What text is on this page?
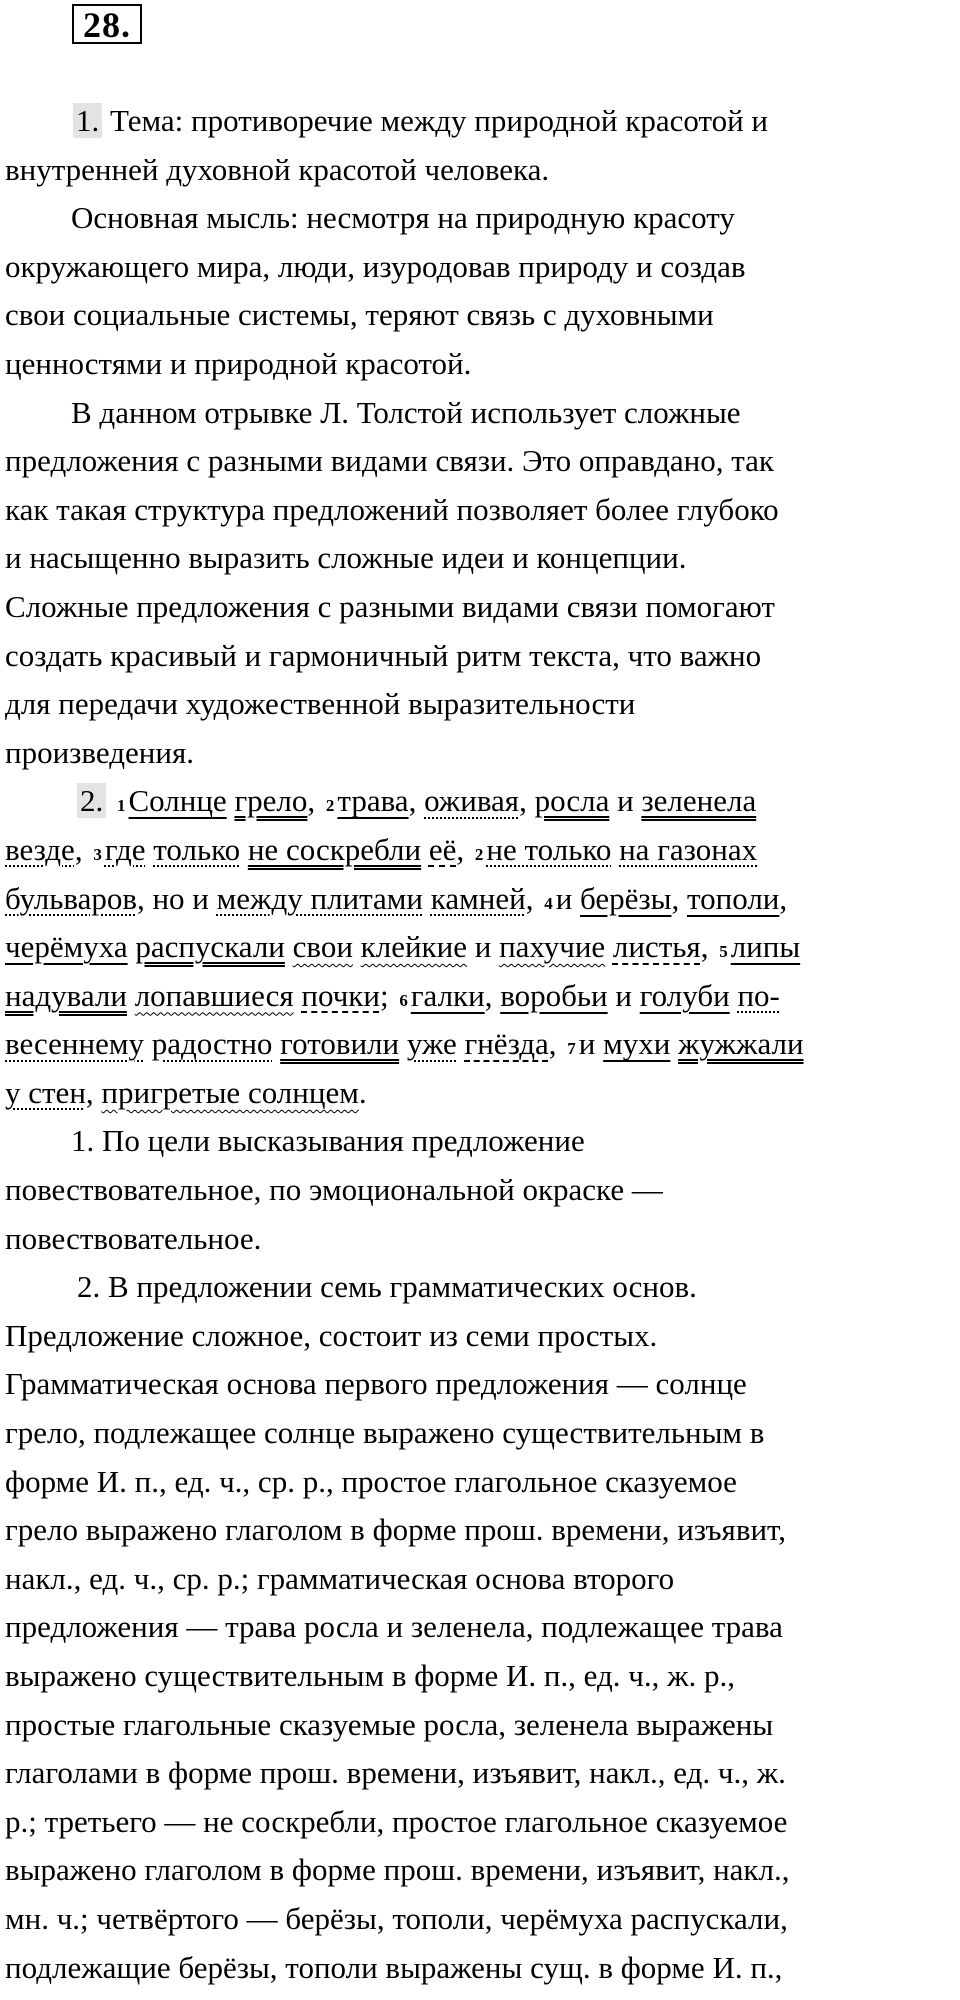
28.
1. Тема: противоречие между природной красотой и
внутренней духовной красотой человека.
Основная мысль: несмотря на природную красоту
окружающего мира, люди, изуродовав природу и создав
свои социальные системы, теряют связь с духовными
ценностями и природной красотой.
В данном отрывке Л. Толстой использует сложные
предложения с разными видами связи. Это оправдано, так
как такая структура предложений позволяет более глубоко
и насыщенно выразить сложные идеи и концепции.
Сложные предложения с разными видами связи помогают
создать красивый и гармоничный ритм текста, что важно
для передачи художественной выразительности
произведения.
2. 1Солнце грело, 2трава, оживая, росла и зеленела
везде, 3где только не соскребли её, 2не только на газонах
бульваров, но и между плитами камней, 4и берёзы, тополи,
черёмуха распускали свои клейкие и пахучие листья, 5липы
надували лопавшиеся почки; 6галки, воробьи и голуби по-
весеннему радостно готовили уже гнёзда, 7и мухи жужжали
у стен, пригретые солнцем.
1. По цели высказывания предложение
повествовательное, по эмоциональной окраске —
повествовательное.
2. В предложении семь грамматических основ.
Предложение сложное, состоит из семи простых.
Грамматическая основа первого предложения — солнце
грело, подлежащее солнце выражено существительным в
форме И. п., ед. ч., ср. р., простое глагольное сказуемое
грело выражено глаголом в форме прош. времени, изъявит,
накл., ед. ч., ср. р.; грамматическая основа второго
предложения — трава росла и зеленела, подлежащее трава
выражено существительным в форме И. п., ед. ч., ж. р.,
простые глагольные сказуемые росла, зеленела выражены
глаголами в форме прош. времени, изъявит, накл., ед. ч., ж.
р.; третьего — не соскребли, простое глагольное сказуемое
выражено глаголом в форме прош. времени, изъявит, накл.,
мн. ч.; четвёртого — берёзы, тополи, черёмуха распускали,
подлежащие берёзы, тополи выражены сущ. в форме И. п.,
